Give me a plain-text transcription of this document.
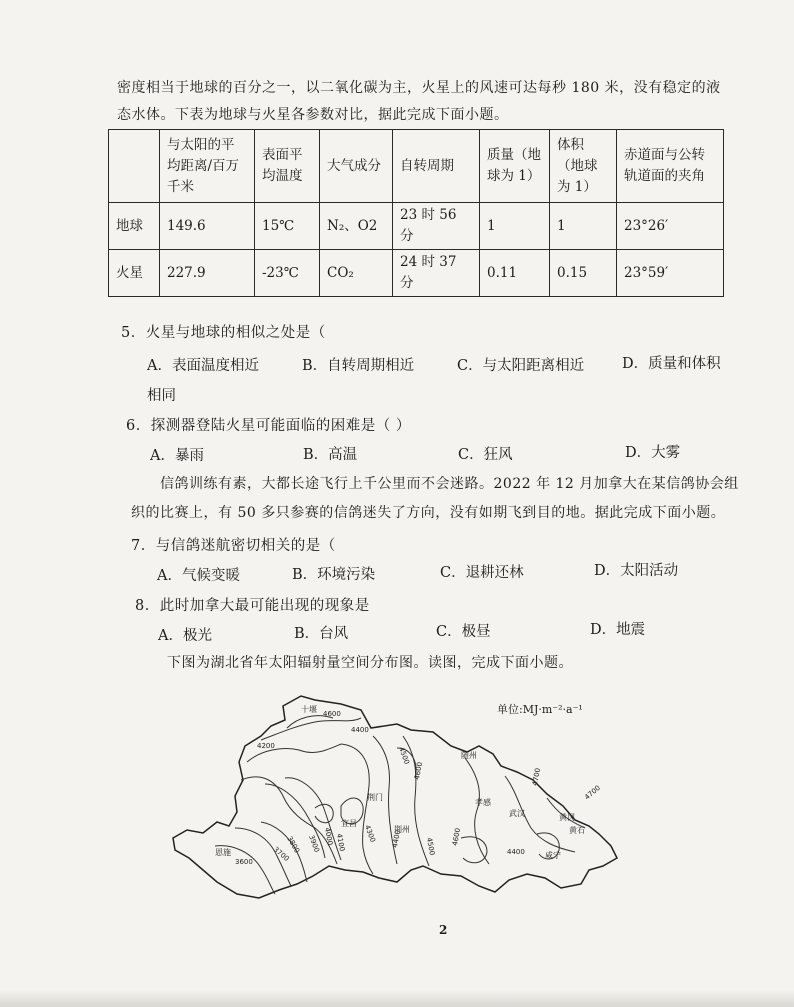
密度相当于地球的百分之一，以二氧化碳为主，火星上的风速可达每秒 180 米，没有稳定的液
态水体。下表为地球与火星各参数对比，据此完成下面小题。
	与太阳的平均距离/百万千米	表面平均温度	大气成分	自转周期	质量（地球为 1）	体积（地球为 1）	赤道面与公转轨道面的夹角
地球	149.6	15℃	N₂、O2	23 时 56 分	1	1	23°26′
火星	227.9	-23℃	CO₂	24 时 37 分	0.11	0.15	23°59′
5．火星与地球的相似之处是（
A．表面温度相近	B．自转周期相近	C．与太阳距离相近	D．质量和体积
相同
6．探测器登陆火星可能面临的困难是（ ）
A．暴雨	B．高温	C．狂风	D．大雾
信鸽训练有素，大都长途飞行上千公里而不会迷路。2022 年 12 月加拿大在某信鸽协会组
织的比赛上，有 50 多只参赛的信鸽迷失了方向，没有如期飞到目的地。据此完成下面小题。
7．与信鸽迷航密切相关的是（
A．气候变暖	B．环境污染	C．退耕还林	D．太阳活动
8．此时加拿大最可能出现的现象是
A．极光	B．台风	C．极昼	D．地震
下图为湖北省年太阳辐射量空间分布图。读图，完成下面小题。
单位:MJ·m⁻²·a⁻¹
十堰
随州
荆门
孝感
武汉	黄冈
黄石
荆州
宜昌
咸宁
恩施
4600
4400
4200	4500
4600	4700
4700
4300
4100
4000
3900
3800
3700
3600
4400	4500
4600
4400
2
